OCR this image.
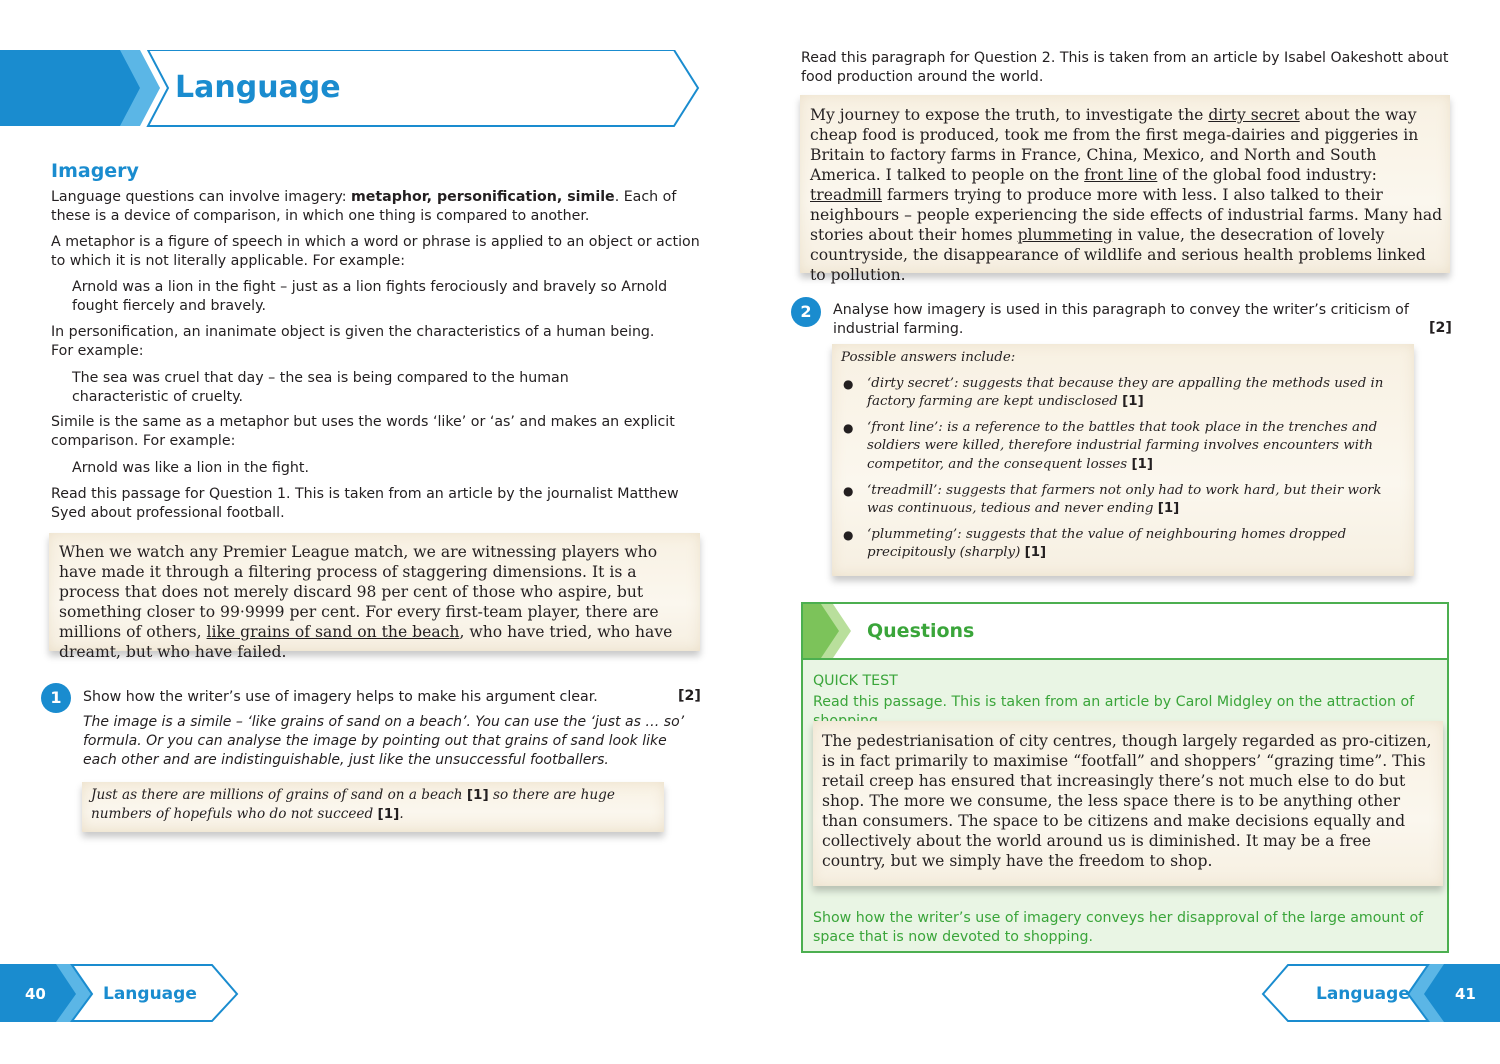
Language
Imagery
Language questions can involve imagery: metaphor, personification, simile. Each of these is a device of comparison, in which one thing is compared to another.
A metaphor is a figure of speech in which a word or phrase is applied to an object or action to which it is not literally applicable. For example:
Arnold was a lion in the fight – just as a lion fights ferociously and bravely so Arnold fought fiercely and bravely.
In personification, an inanimate object is given the characteristics of a human being. For example:
The sea was cruel that day – the sea is being compared to the human characteristic of cruelty.
Simile is the same as a metaphor but uses the words ‘like’ or ‘as’ and makes an explicit comparison. For example:
Arnold was like a lion in the fight.
Read this passage for Question 1. This is taken from an article by the journalist Matthew Syed about professional football.
When we watch any Premier League match, we are witnessing players who have made it through a filtering process of staggering dimensions. It is a process that does not merely discard 98 per cent of those who aspire, but something closer to 99·9999 per cent. For every first-team player, there are millions of others, like grains of sand on the beach, who have tried, who have dreamt, but who have failed.
1	Show how the writer’s use of imagery helps to make his argument clear.	[2]
The image is a simile – ‘like grains of sand on a beach’. You can use the ‘just as … so’ formula. Or you can analyse the image by pointing out that grains of sand look like each other and are indistinguishable, just like the unsuccessful footballers.
Just as there are millions of grains of sand on a beach [1] so there are huge numbers of hopefuls who do not succeed [1].
Read this paragraph for Question 2. This is taken from an article by Isabel Oakeshott about food production around the world.
My journey to expose the truth, to investigate the dirty secret about the way cheap food is produced, took me from the first mega-dairies and piggeries in Britain to factory farms in France, China, Mexico, and North and South America. I talked to people on the front line of the global food industry: treadmill farmers trying to produce more with less. I also talked to their neighbours – people experiencing the side effects of industrial farms. Many had stories about their homes plummeting in value, the desecration of lovely countryside, the disappearance of wildlife and serious health problems linked to pollution.
2	Analyse how imagery is used in this paragraph to convey the writer’s criticism of industrial farming.	[2]
Possible answers include:
● ‘dirty secret’: suggests that because they are appalling the methods used in factory farming are kept undisclosed [1]
● ‘front line’: is a reference to the battles that took place in the trenches and soldiers were killed, therefore industrial farming involves encounters with competitor, and the consequent losses [1]
● ‘treadmill’: suggests that farmers not only had to work hard, but their work was continuous, tedious and never ending [1]
● ‘plummeting’: suggests that the value of neighbouring homes dropped precipitously (sharply) [1]
Questions
QUICK TEST
Read this passage. This is taken from an article by Carol Midgley on the attraction of
The pedestrianisation of city centres, though largely regarded as pro-citizen, is in fact primarily to maximise “footfall” and shoppers’ “grazing time”. This retail creep has ensured that increasingly there’s not much else to do but shop. The more we consume, the less space there is to be anything other than consumers. The space to be citizens and make decisions equally and collectively about the world around us is diminished. It may be a free country, but we simply have the freedom to shop.
Show how the writer’s use of imagery conveys her disapproval of the large amount of space that is now devoted to shopping.
40	Language	Language	41
